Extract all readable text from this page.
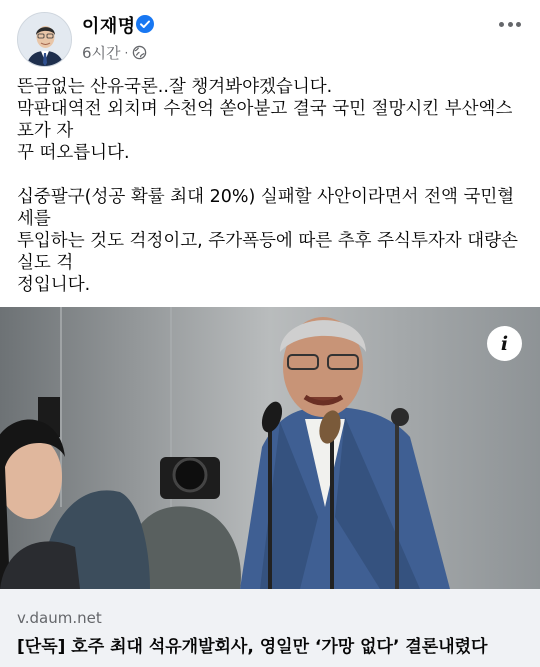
이재명
6시간 ·

뜬금없는 산유국론..잘 챙겨봐야겠습니다.

막판대역전 외치며 수천억 쏟아붇고 결국 국민 절망시킨 부산엑스포가 자

꾸 떠오릅니다.

십중팔구(성공 확률 최대 20%) 실패할 사안이라면서 전액 국민혈세를

투입하는 것도 걱정이고, 주가폭등에 따른 추후 주식투자자 대량손실도 걱

정입니다.

i
v.daum.net
[단독] 호주 최대 석유개발회사, 영일만 ‘가망 없다’ 결론내렸다
